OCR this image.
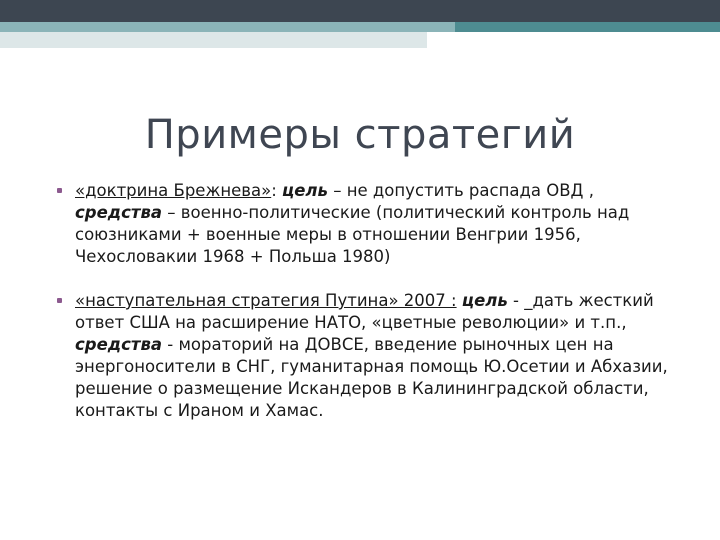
Примеры стратегий
«доктрина Брежнева»: цель – не допустить распада ОВД , средства – военно-политические (политический контроль над союзниками + военные меры в отношении Венгрии 1956, Чехословакии 1968 + Польша 1980)
«наступательная стратегия Путина» 2007 : цель - _дать жесткий ответ США на расширение НАТО, «цветные революции» и т.п., средства - мораторий на ДОВСЕ, введение рыночных цен на энергоносители в СНГ, гуманитарная помощь Ю.Осетии и Абхазии, решение о размещение Искандеров в Калининградской области, контакты с Ираном и Хамас.
